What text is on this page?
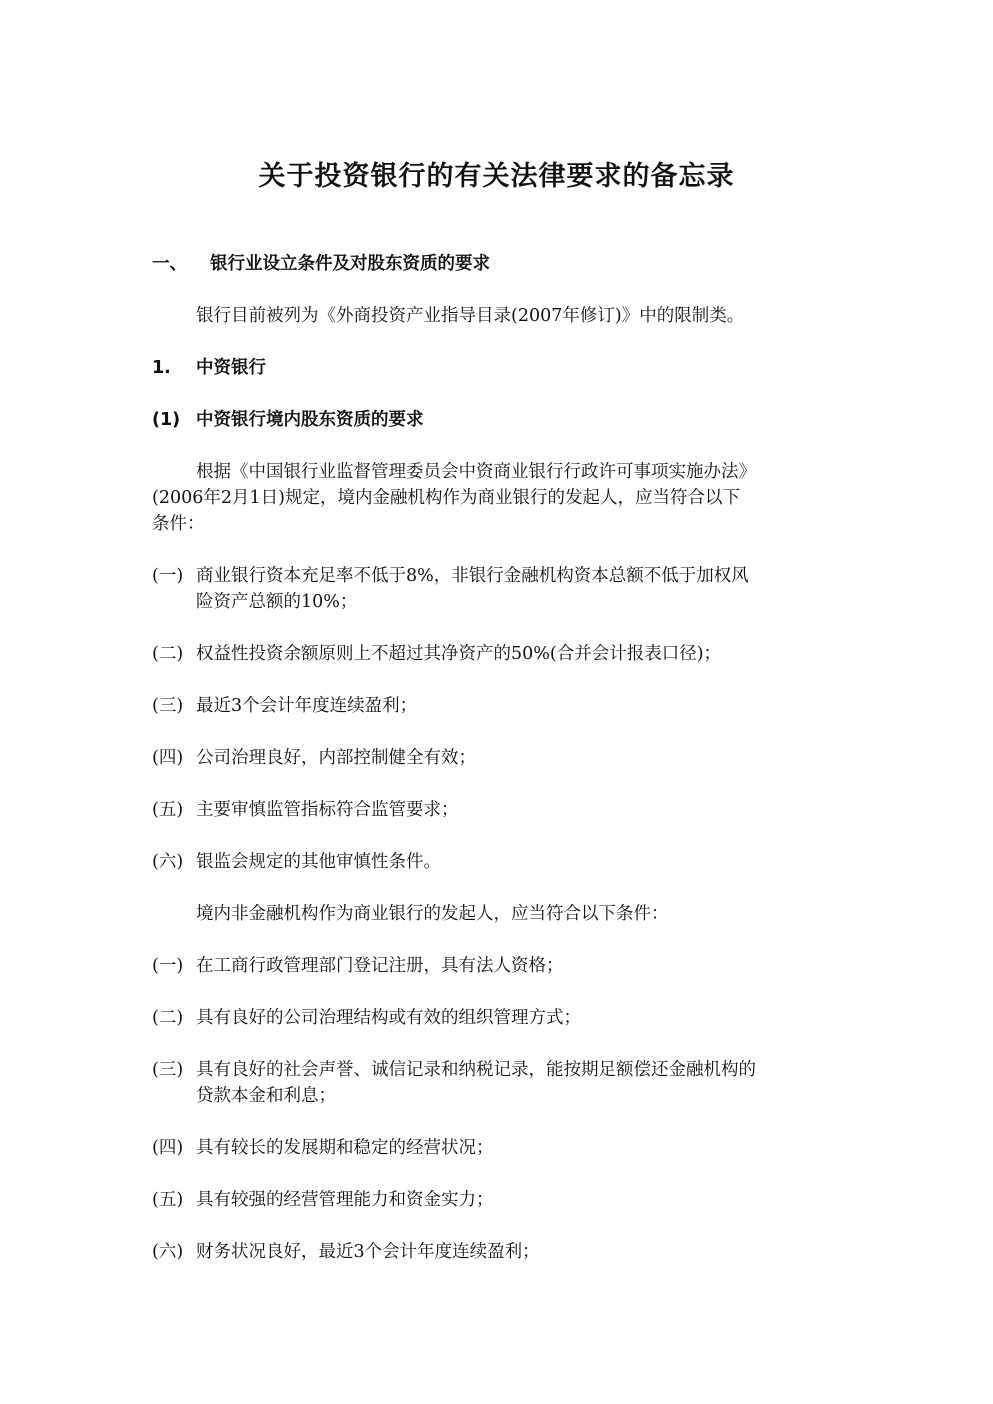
关于投资银行的有关法律要求的备忘录
一、 银行业设立条件及对股东资质的要求
银行目前被列为《外商投资产业指导目录(2007年修订)》中的限制类。
1. 中资银行
(1) 中资银行境内股东资质的要求
根据《中国银行业监督管理委员会中资商业银行行政许可事项实施办法》
(2006年2月1日)规定，境内金融机构作为商业银行的发起人，应当符合以下
条件：
(一) 商业银行资本充足率不低于8%，非银行金融机构资本总额不低于加权风
险资产总额的10%；
(二) 权益性投资余额原则上不超过其净资产的50%(合并会计报表口径)；
(三) 最近3个会计年度连续盈利；
(四) 公司治理良好，内部控制健全有效；
(五) 主要审慎监管指标符合监管要求；
(六) 银监会规定的其他审慎性条件。
境内非金融机构作为商业银行的发起人，应当符合以下条件：
(一) 在工商行政管理部门登记注册，具有法人资格；
(二) 具有良好的公司治理结构或有效的组织管理方式；
(三) 具有良好的社会声誉、诚信记录和纳税记录，能按期足额偿还金融机构的
贷款本金和利息；
(四) 具有较长的发展期和稳定的经营状况；
(五) 具有较强的经营管理能力和资金实力；
(六) 财务状况良好，最近3个会计年度连续盈利；
